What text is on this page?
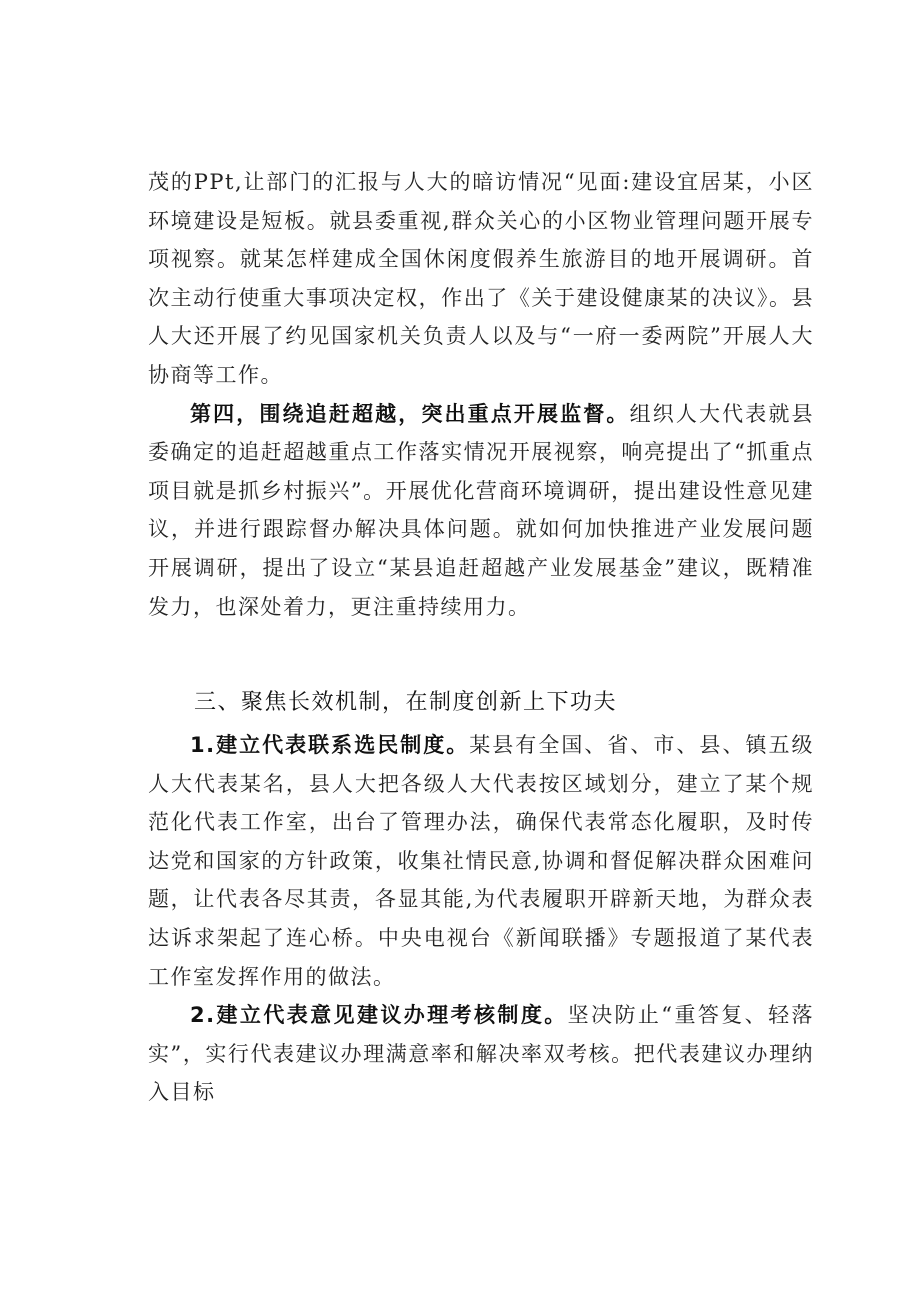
茂的PPt,让部门的汇报与人大的暗访情况“见面:建设宜居某，小区环境建设是短板。就县委重视,群众关心的小区物业管理问题开展专项视察。就某怎样建成全国休闲度假养生旅游目的地开展调研。首次主动行使重大事项决定权，作出了《关于建设健康某的决议》。县人大还开展了约见国家机关负责人以及与“一府一委两院”开展人大协商等工作。

第四，围绕追赶超越，突出重点开展监督。组织人大代表就县委确定的追赶超越重点工作落实情况开展视察，响亮提出了“抓重点项目就是抓乡村振兴”。开展优化营商环境调研，提出建设性意见建议，并进行跟踪督办解决具体问题。就如何加快推进产业发展问题开展调研，提出了设立“某县追赶超越产业发展基金”建议，既精准发力，也深处着力，更注重持续用力。

三、聚焦长效机制，在制度创新上下功夫

1.建立代表联系选民制度。某县有全国、省、市、县、镇五级人大代表某名，县人大把各级人大代表按区域划分，建立了某个规范化代表工作室，出台了管理办法，确保代表常态化履职，及时传达党和国家的方针政策，收集社情民意,协调和督促解决群众困难问题，让代表各尽其责，各显其能,为代表履职开辟新天地，为群众表达诉求架起了连心桥。中央电视台《新闻联播》专题报道了某代表工作室发挥作用的做法。

2.建立代表意见建议办理考核制度。坚决防止“重答复、轻落实”，实行代表建议办理满意率和解决率双考核。把代表建议办理纳入目标
